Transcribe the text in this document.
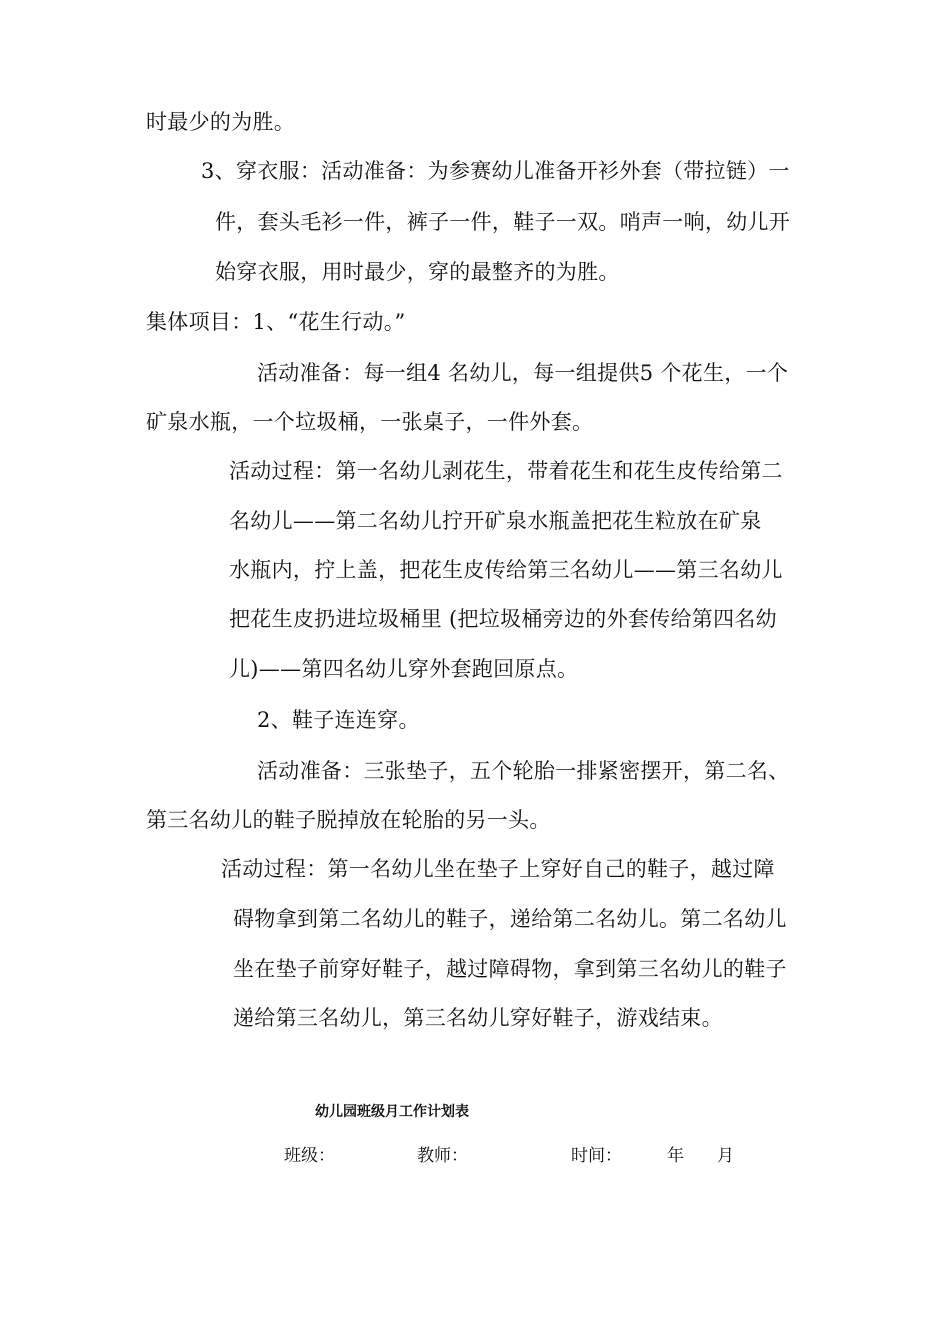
时最少的为胜。
3、穿衣服：活动准备：为参赛幼儿准备开衫外套（带拉链）一
件，套头毛衫一件，裤子一件，鞋子一双。哨声一响，幼儿开
始穿衣服，用时最少，穿的最整齐的为胜。
集体项目：1、“花生行动。”
活动准备：每一组4 名幼儿，每一组提供5 个花生，一个
矿泉水瓶，一个垃圾桶，一张桌子，一件外套。
活动过程：第一名幼儿剥花生，带着花生和花生皮传给第二
名幼儿——第二名幼儿拧开矿泉水瓶盖把花生粒放在矿泉
水瓶内，拧上盖，把花生皮传给第三名幼儿——第三名幼儿
把花生皮扔进垃圾桶里 (把垃圾桶旁边的外套传给第四名幼
儿)——第四名幼儿穿外套跑回原点。
2、鞋子连连穿。
活动准备：三张垫子，五个轮胎一排紧密摆开，第二名、
第三名幼儿的鞋子脱掉放在轮胎的另一头。
活动过程：第一名幼儿坐在垫子上穿好自己的鞋子，越过障
碍物拿到第二名幼儿的鞋子，递给第二名幼儿。第二名幼儿
坐在垫子前穿好鞋子，越过障碍物，拿到第三名幼儿的鞋子
递给第三名幼儿，第三名幼儿穿好鞋子，游戏结束。
幼儿园班级月工作计划表
班级：	教师：	时间：	年 月
